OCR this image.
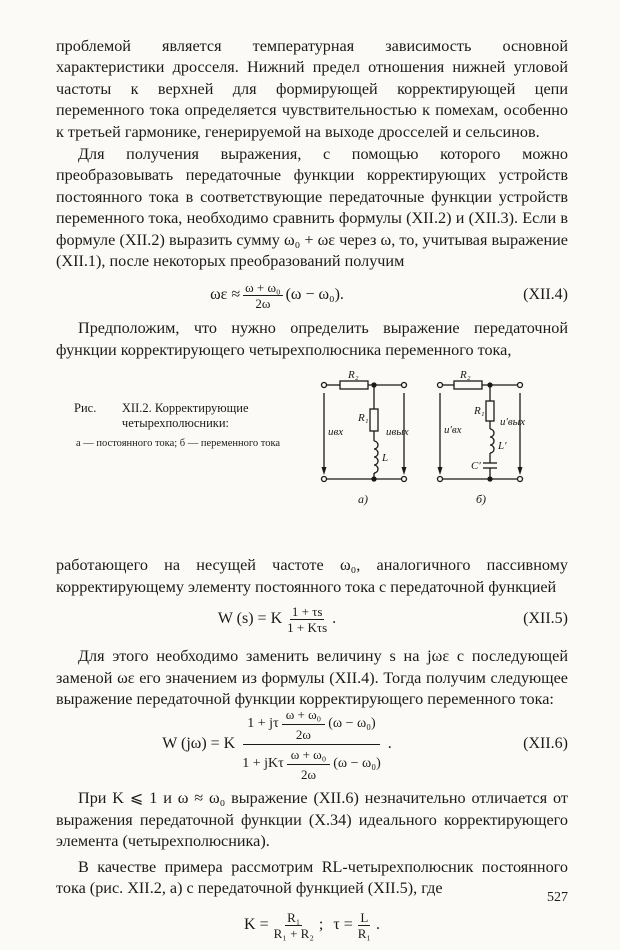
проблемой является температурная зависимость основной характеристики дросселя. Нижний предел отношения нижней угловой частоты к верхней для формирующей корректирующей цепи переменного тока определяется чувствительностью к помехам, особенно к третьей гармонике, генерируемой на выходе дросселей и сельсинов.

Для получения выражения, с помощью которого можно преобразовывать передаточные функции корректирующих устройств постоянного тока в соответствующие передаточные функции устройств переменного тока, необходимо сравнить формулы (XII.2) и (XII.3). Если в формуле (XII.2) выразить сумму ω₀ + ωε через ω, то, учитывая выражение (XII.1), после некоторых преобразований получим

$\omega\varepsilon \approx \frac{\text{ω + ω₀}}{2\omega} (\omega - \omega_0)$.	(XII.4)

Предположим, что нужно определить выражение передаточной функции корректирующего четырехполюсника переменного тока,

Рис.	XII.2. Корректирующие четырехполюсники:
а — постоянного тока; б — переменного тока
R₂
R₁
L
uвх	uвых
а)
R₂
R₁
L′
C′
u′вх
u′вых
б)

работающего на несущей частоте ω₀, аналогичного пассивному корректирующему элементу постоянного тока с передаточной функцией

W (s) = K $\frac{1 + \tau s}{\text{1 + Kτs}}$ .	(XII.5)

Для этого необходимо заменить величину s на jωε с последующей заменой ωε его значением из формулы (XII.4). Тогда получим следующее выражение передаточной функции корректирующего переменного тока:

W (jω) = K
1 + jτ $\frac{\text{ω + ω₀}}{2\omega} (\omega - \omega_0)$
1 + jKτ $\frac{\text{ω + ω₀}}{2\omega} (\omega - \omega_0)$
.	(XII.6)

При K ⩽ 1 и ω ≈ ω₀ выражение (XII.6) незначительно отличается от выражения передаточной функции (X.34) идеального корректирующего элемента (четырехполюсника).

В качестве примера рассмотрим RL-четырехполюсник постоянного тока (рис. XII.2, а) с передаточной функцией (XII.5), где

$K = \frac{\text{R₁}}{\text{R₁ + R₂}}$ ; $\tau = \frac{L}{\text{R₁}}$ .
527
